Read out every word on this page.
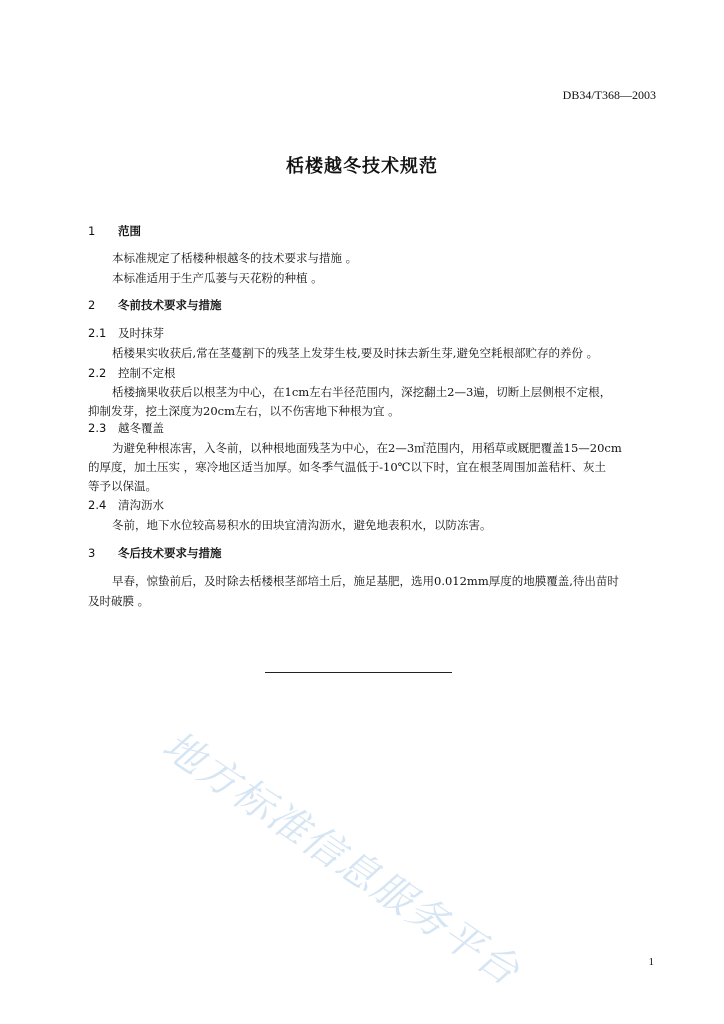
DB34/T368—2003
栝楼越冬技术规范
1 范围
本标准规定了栝楼种根越冬的技术要求与措施 。
本标准适用于生产瓜蒌与天花粉的种植 。
2 冬前技术要求与措施
2.1 及时抹芽
栝楼果实收获后,常在茎蔓割下的残茎上发芽生枝,要及时抹去新生芽,避免空耗根部贮存的养份 。
2.2 控制不定根
栝楼摘果收获后以根茎为中心，在1cm左右半径范围内，深挖翻土2—3遍，切断上层侧根不定根，
抑制发芽，挖土深度为20cm左右，以不伤害地下种根为宜 。
2.3 越冬覆盖
为避免种根冻害，入冬前，以种根地面残茎为中心，在2—3㎡范围内，用稻草或厩肥覆盖15—20cm
的厚度，加土压实 ，寒冷地区适当加厚。如冬季气温低于-10℃以下时，宜在根茎周围加盖秸杆、灰土
等予以保温。
2.4 清沟沥水
冬前，地下水位较高易积水的田块宜清沟沥水，避免地表积水，以防冻害。
3 冬后技术要求与措施
早春，惊蛰前后，及时除去栝楼根茎部培土后，施足基肥，选用0.012mm厚度的地膜覆盖,待出苗时
及时破膜 。
地方标准信息服务平台	1
